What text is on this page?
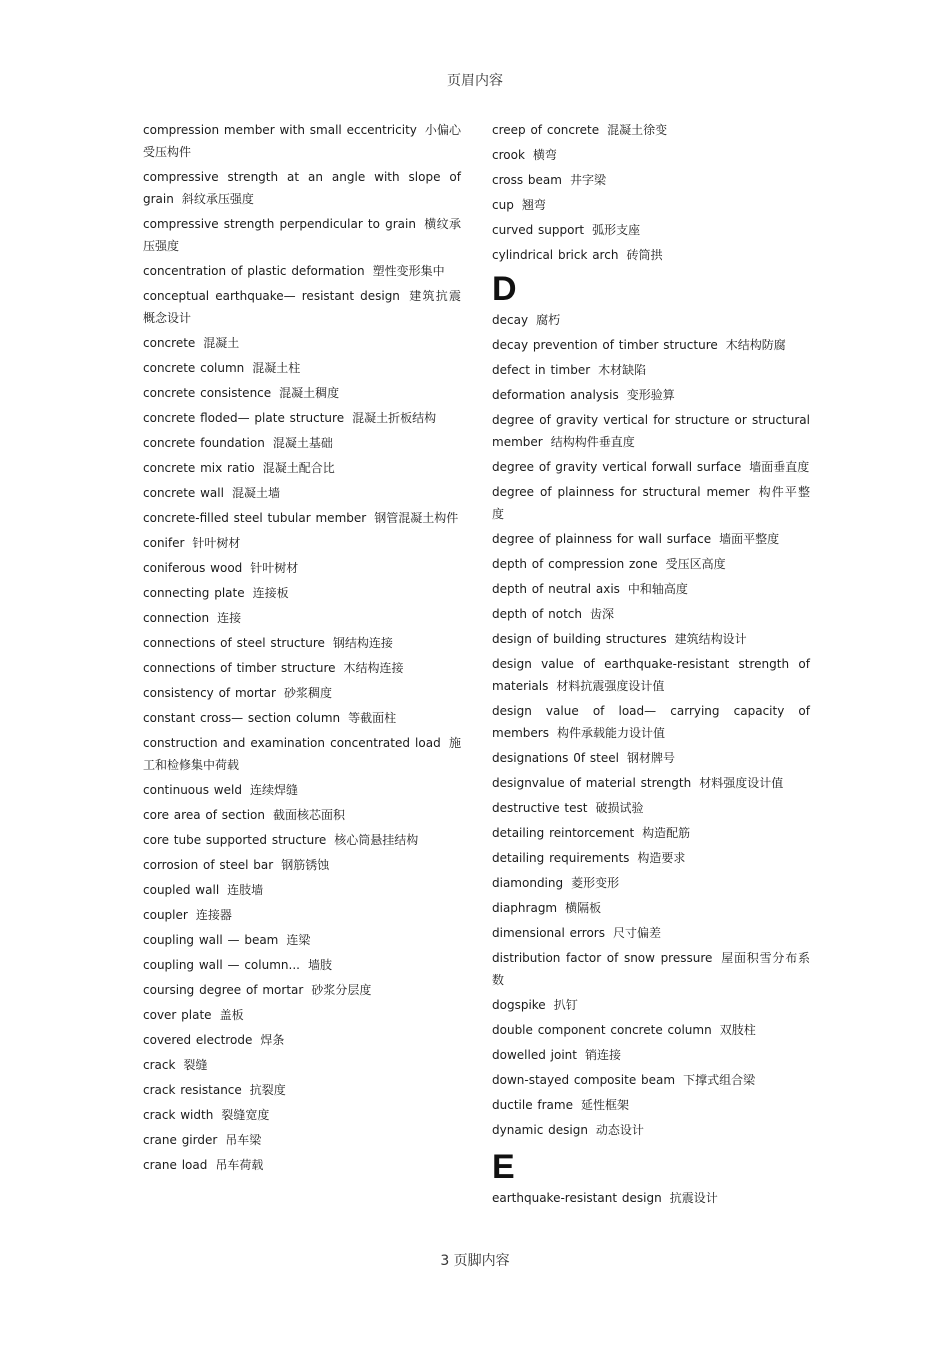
页眉内容
compression member with small eccentricity 小偏心受压构件
compressive strength at an angle with slope of grain 斜纹承压强度
compressive strength perpendicular to grain 横纹承压强度
concentration of plastic deformation 塑性变形集中
conceptual earthquake— resistant design 建筑抗震概念设计
concrete 混凝土
concrete column 混凝土柱
concrete consistence 混凝土稠度
concrete floded— plate structure 混凝土折板结构
concrete foundation 混凝土基础
concrete mix ratio 混凝土配合比
concrete wall 混凝土墙
concrete-filled steel tubular member 钢管混凝土构件
conifer 针叶树材
coniferous wood 针叶树材
connecting plate 连接板
connection 连接
connections of steel structure 钢结构连接
connections of timber structure 木结构连接
consistency of mortar 砂浆稠度
constant cross— section column 等截面柱
construction and examination concentrated load 施工和检修集中荷载
continuous weld 连续焊缝
core area of section 截面核芯面积
core tube supported structure 核心筒悬挂结构
corrosion of steel bar 钢筋锈蚀
coupled wall 连肢墙
coupler 连接器
coupling wall — beam 连梁
coupling wall — column... 墙肢
coursing degree of mortar 砂浆分层度
cover plate 盖板
covered electrode 焊条
crack 裂缝
crack resistance 抗裂度
crack width 裂缝宽度
crane girder 吊车梁
crane load 吊车荷载
creep of concrete 混凝土徐变
crook 横弯
cross beam 井字梁
cup 翘弯
curved support 弧形支座
cylindrical brick arch 砖筒拱
D
decay 腐朽
decay prevention of timber structure 木结构防腐
defect in timber 木材缺陷
deformation analysis 变形验算
degree of gravity vertical for structure or structural member 结构构件垂直度
degree of gravity vertical forwall surface 墙面垂直度
degree of plainness for structural memer 构件平整度
degree of plainness for wall surface 墙面平整度
depth of compression zone 受压区高度
depth of neutral axis 中和轴高度
depth of notch 齿深
design of building structures 建筑结构设计
design value of earthquake-resistant strength of materials 材料抗震强度设计值
design value of load— carrying capacity of members 构件承载能力设计值
designations 0f steel 钢材牌号
designvalue of material strength 材料强度设计值
destructive test 破损试验
detailing reintorcement 构造配筋
detailing requirements 构造要求
diamonding 菱形变形
diaphragm 横隔板
dimensional errors 尺寸偏差
distribution factor of snow pressure 屋面积雪分布系数
dogspike 扒钉
double component concrete column 双肢柱
dowelled joint 销连接
down-stayed composite beam 下撑式组合梁
ductile frame 延性框架
dynamic design 动态设计
E
earthquake-resistant design 抗震设计
3 页脚内容
